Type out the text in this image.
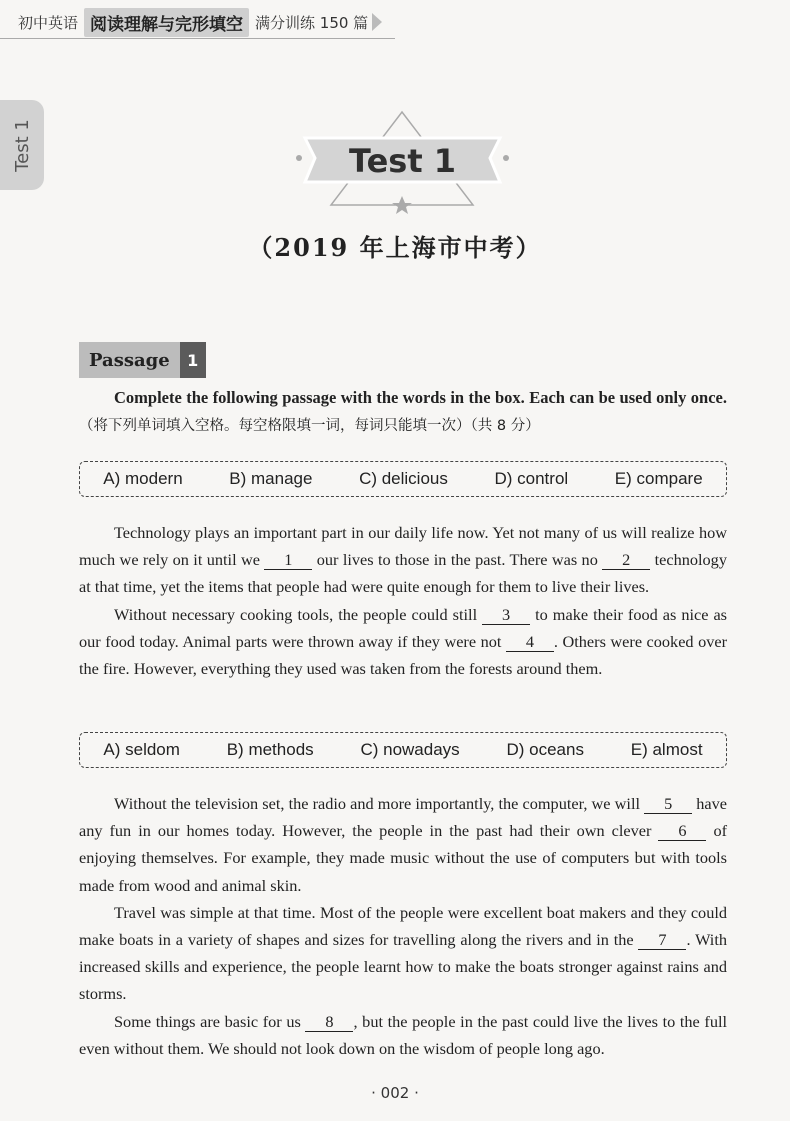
初中英语 阅读理解与完形填空 满分训练 150 篇
Test 1	Test 1
（2019 年上海市中考）
Passage	1
Complete the following passage with the words in the box. Each can be used only once. （将下列单词填入空格。每空格限填一词，每词只能填一次）（共 8 分）
A) modern	B) manage	C) delicious	D) control	E) compare

Technology plays an important part in our daily life now. Yet not many of us will realize how much we rely on it until we 1 our lives to those in the past. There was no 2 technology at that time, yet the items that people had were quite enough for them to live their lives.

Without necessary cooking tools, the people could still 3 to make their food as nice as our food today. Animal parts were thrown away if they were not 4 . Others were cooked over the fire. However, everything they used was taken from the forests around them.

A) seldom	B) methods	C) nowadays	D) oceans	E) almost

Without the television set, the radio and more importantly, the computer, we will 5 have any fun in our homes today. However, the people in the past had their own clever 6 of enjoying themselves. For example, they made music without the use of computers but with tools made from wood and animal skin.

Travel was simple at that time. Most of the people were excellent boat makers and they could make boats in a variety of shapes and sizes for travelling along the rivers and in the 7 . With increased skills and experience, the people learnt how to make the boats stronger against rains and storms.

Some things are basic for us 8 , but the people in the past could live the lives to the full even without them. We should not look down on the wisdom of people long ago.

· 002 ·
